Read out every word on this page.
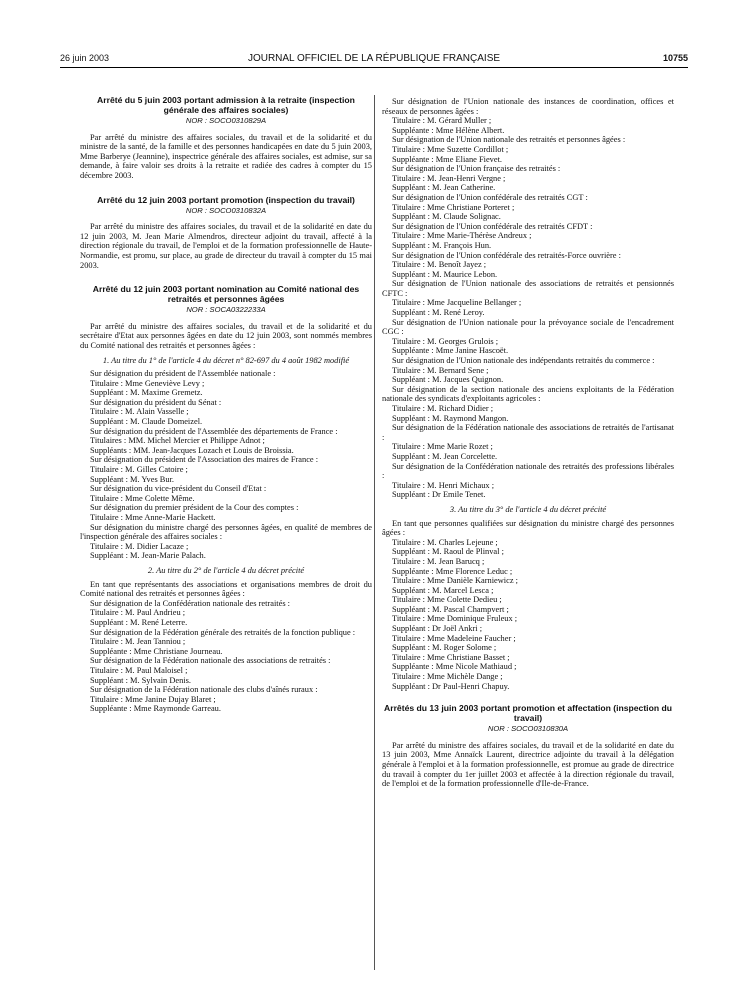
26 juin 2003	JOURNAL OFFICIEL DE LA RÉPUBLIQUE FRANÇAISE	10755

Arrêté du 5 juin 2003 portant admission à la retraite (inspection générale des affaires sociales)

NOR : SOCO0310829A

Par arrêté du ministre des affaires sociales, du travail et de la solidarité et du ministre de la santé, de la famille et des personnes handicapées en date du 5 juin 2003, Mme Barberye (Jeannine), inspectrice générale des affaires sociales, est admise, sur sa demande, à faire valoir ses droits à la retraite et radiée des cadres à compter du 15 décembre 2003.

Arrêté du 12 juin 2003 portant promotion (inspection du travail)

NOR : SOCO0310832A

Par arrêté du ministre des affaires sociales, du travail et de la solidarité en date du 12 juin 2003, M. Jean Marie Almendros, directeur adjoint du travail, affecté à la direction régionale du travail, de l'emploi et de la formation professionnelle de Haute-Normandie, est promu, sur place, au grade de directeur du travail à compter du 15 mai 2003.

Arrêté du 12 juin 2003 portant nomination au Comité national des retraités et personnes âgées

NOR : SOCA0322233A

Par arrêté du ministre des affaires sociales, du travail et de la solidarité et du secrétaire d'Etat aux personnes âgées en date du 12 juin 2003, sont nommés membres du Comité national des retraités et personnes âgées :

1. Au titre du 1° de l'article 4 du décret n° 82-697 du 4 août 1982 modifié

Sur désignation du président de l'Assemblée nationale :

Titulaire : Mme Geneviève Levy ;

Suppléant : M. Maxime Gremetz.

Sur désignation du président du Sénat :

Titulaire : M. Alain Vasselle ;

Suppléant : M. Claude Domeizel.

Sur désignation du président de l'Assemblée des départements de France :

Titulaires : MM. Michel Mercier et Philippe Adnot ;

Suppléants : MM. Jean-Jacques Lozach et Louis de Broissia.

Sur désignation du président de l'Association des maires de France :

Titulaire : M. Gilles Catoire ;

Suppléant : M. Yves Bur.

Sur désignation du vice-président du Conseil d'Etat :

Titulaire : Mme Colette Même.

Sur désignation du premier président de la Cour des comptes :

Titulaire : Mme Anne-Marie Hackett.

Sur désignation du ministre chargé des personnes âgées, en qualité de membres de l'inspection générale des affaires sociales :

Titulaire : M. Didier Lacaze ;

Suppléant : M. Jean-Marie Palach.

2. Au titre du 2° de l'article 4 du décret précité

En tant que représentants des associations et organisations membres de droit du Comité national des retraités et personnes âgées :

Sur désignation de la Confédération nationale des retraités :

Titulaire : M. Paul Andrieu ;

Suppléant : M. René Leterre.

Sur désignation de la Fédération générale des retraités de la fonction publique :

Titulaire : M. Jean Tanniou ;

Suppléante : Mme Christiane Journeau.

Sur désignation de la Fédération nationale des associations de retraités :

Titulaire : M. Paul Maloisel ;

Suppléant : M. Sylvain Denis.

Sur désignation de la Fédération nationale des clubs d'aînés ruraux :

Titulaire : Mme Janine Dujay Blaret ;

Suppléante : Mme Raymonde Garreau.

Sur désignation de l'Union nationale des instances de coordination, offices et réseaux de personnes âgées :

Titulaire : M. Gérard Muller ;

Suppléante : Mme Hélène Albert.

Sur désignation de l'Union nationale des retraités et personnes âgées :

Titulaire : Mme Suzette Cordillot ;

Suppléante : Mme Eliane Fievet.

Sur désignation de l'Union française des retraités :

Titulaire : M. Jean-Henri Vergne ;

Suppléant : M. Jean Catherine.

Sur désignation de l'Union confédérale des retraités CGT :

Titulaire : Mme Christiane Porteret ;

Suppléant : M. Claude Solignac.

Sur désignation de l'Union confédérale des retraités CFDT :

Titulaire : Mme Marie-Thérèse Andreux ;

Suppléant : M. François Hun.

Sur désignation de l'Union confédérale des retraités-Force ouvrière :

Titulaire : M. Benoît Jayez ;

Suppléant : M. Maurice Lebon.

Sur désignation de l'Union nationale des associations de retraités et pensionnés CFTC :

Titulaire : Mme Jacqueline Bellanger ;

Suppléant : M. René Leroy.

Sur désignation de l'Union nationale pour la prévoyance sociale de l'encadrement CGC :

Titulaire : M. Georges Grulois ;

Suppléante : Mme Janine Hascoët.

Sur désignation de l'Union nationale des indépendants retraités du commerce :

Titulaire : M. Bernard Sene ;

Suppléant : M. Jacques Quignon.

Sur désignation de la section nationale des anciens exploitants de la Fédération nationale des syndicats d'exploitants agricoles :

Titulaire : M. Richard Didier ;

Suppléant : M. Raymond Mangon.

Sur désignation de la Fédération nationale des associations de retraités de l'artisanat :

Titulaire : Mme Marie Rozet ;

Suppléant : M. Jean Corcelette.

Sur désignation de la Confédération nationale des retraités des professions libérales :

Titulaire : M. Henri Michaux ;

Suppléant : Dr Emile Tenet.

3. Au titre du 3° de l'article 4 du décret précité

En tant que personnes qualifiées sur désignation du ministre chargé des personnes âgées :

Titulaire : M. Charles Lejeune ;

Suppléant : M. Raoul de Plinval ;

Titulaire : M. Jean Barucq ;

Suppléante : Mme Florence Leduc ;

Titulaire : Mme Danièle Karniewicz ;

Suppléant : M. Marcel Lesca ;

Titulaire : Mme Colette Dedieu ;

Suppléant : M. Pascal Champvert ;

Titulaire : Mme Dominique Fruleux ;

Suppléant : Dr Joël Ankri ;

Titulaire : Mme Madeleine Faucher ;

Suppléant : M. Roger Solome ;

Titulaire : Mme Christiane Basset ;

Suppléante : Mme Nicole Mathiaud ;

Titulaire : Mme Michèle Dange ;

Suppléant : Dr Paul-Henri Chapuy.

Arrêtés du 13 juin 2003 portant promotion et affectation (inspection du travail)

NOR : SOCO0310830A

Par arrêté du ministre des affaires sociales, du travail et de la solidarité en date du 13 juin 2003, Mme Annaïck Laurent, directrice adjointe du travail à la délégation générale à l'emploi et à la formation professionnelle, est promue au grade de directrice du travail à compter du 1er juillet 2003 et affectée à la direction régionale du travail, de l'emploi et de la formation professionnelle d'Ile-de-France.
